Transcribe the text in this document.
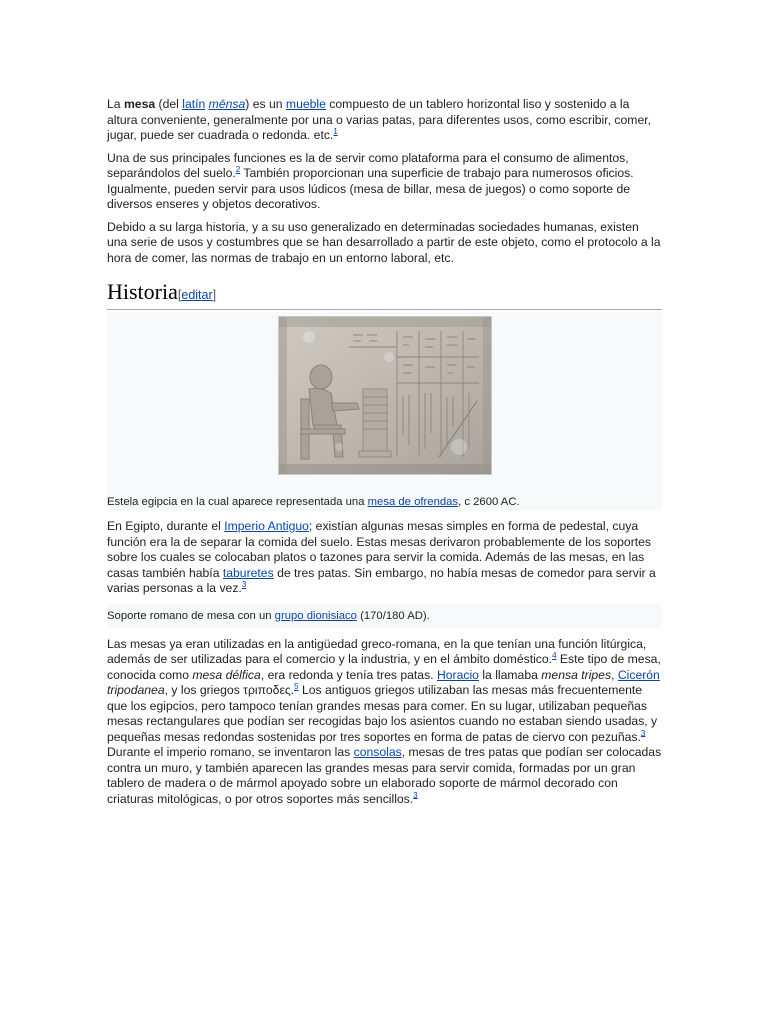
La mesa (del latín mēnsa) es un mueble compuesto de un tablero horizontal liso y sostenido a la altura conveniente, generalmente por una o varias patas, para diferentes usos, como escribir, comer, jugar, puede ser cuadrada o redonda. etc.$^1$

Una de sus principales funciones es la de servir como plataforma para el consumo de alimentos, separándolos del suelo.$^2$ También proporcionan una superficie de trabajo para numerosos oficios. Igualmente, pueden servir para usos lúdicos (mesa de billar, mesa de juegos) o como soporte de diversos enseres y objetos decorativos.

Debido a su larga historia, y a su uso generalizado en determinadas sociedades humanas, existen una serie de usos y costumbres que se han desarrollado a partir de este objeto, como el protocolo a la hora de comer, las normas de trabajo en un entorno laboral, etc.

Historia[editar]
Estela egipcia en la cual aparece representada una mesa de ofrendas, c 2600 AC.

En Egipto, durante el Imperio Antiguo; existían algunas mesas simples en forma de pedestal, cuya función era la de separar la comida del suelo. Estas mesas derivaron probablemente de los soportes sobre los cuales se colocaban platos o tazones para servir la comida. Además de las mesas, en las casas también había taburetes de tres patas. Sin embargo, no había mesas de comedor para servir a varias personas a la vez.$^3$

Soporte romano de mesa con un grupo dionisiaco (170/180 AD).

Las mesas ya eran utilizadas en la antigüedad greco-romana, en la que tenían una función litúrgica, además de ser utilizadas para el comercio y la industria, y en el ámbito doméstico.$^4$ Este tipo de mesa, conocida como mesa délfica, era redonda y tenía tres patas. Horacio la llamaba mensa tripes, Cicerón tripodanea, y los griegos τριποδες.$^5$ Los antiguos griegos utilizaban las mesas más frecuentemente que los egipcios, pero tampoco tenían grandes mesas para comer. En su lugar, utilizaban pequeñas mesas rectangulares que podían ser recogidas bajo los asientos cuando no estaban siendo usadas, y pequeñas mesas redondas sostenidas por tres soportes en forma de patas de ciervo con pezuñas.$^3$ Durante el imperio romano, se inventaron las consolas, mesas de tres patas que podían ser colocadas contra un muro, y también aparecen las grandes mesas para servir comida, formadas por un gran tablero de madera o de mármol apoyado sobre un elaborado soporte de mármol decorado con criaturas mitológicas, o por otros soportes más sencillos.$^3$
